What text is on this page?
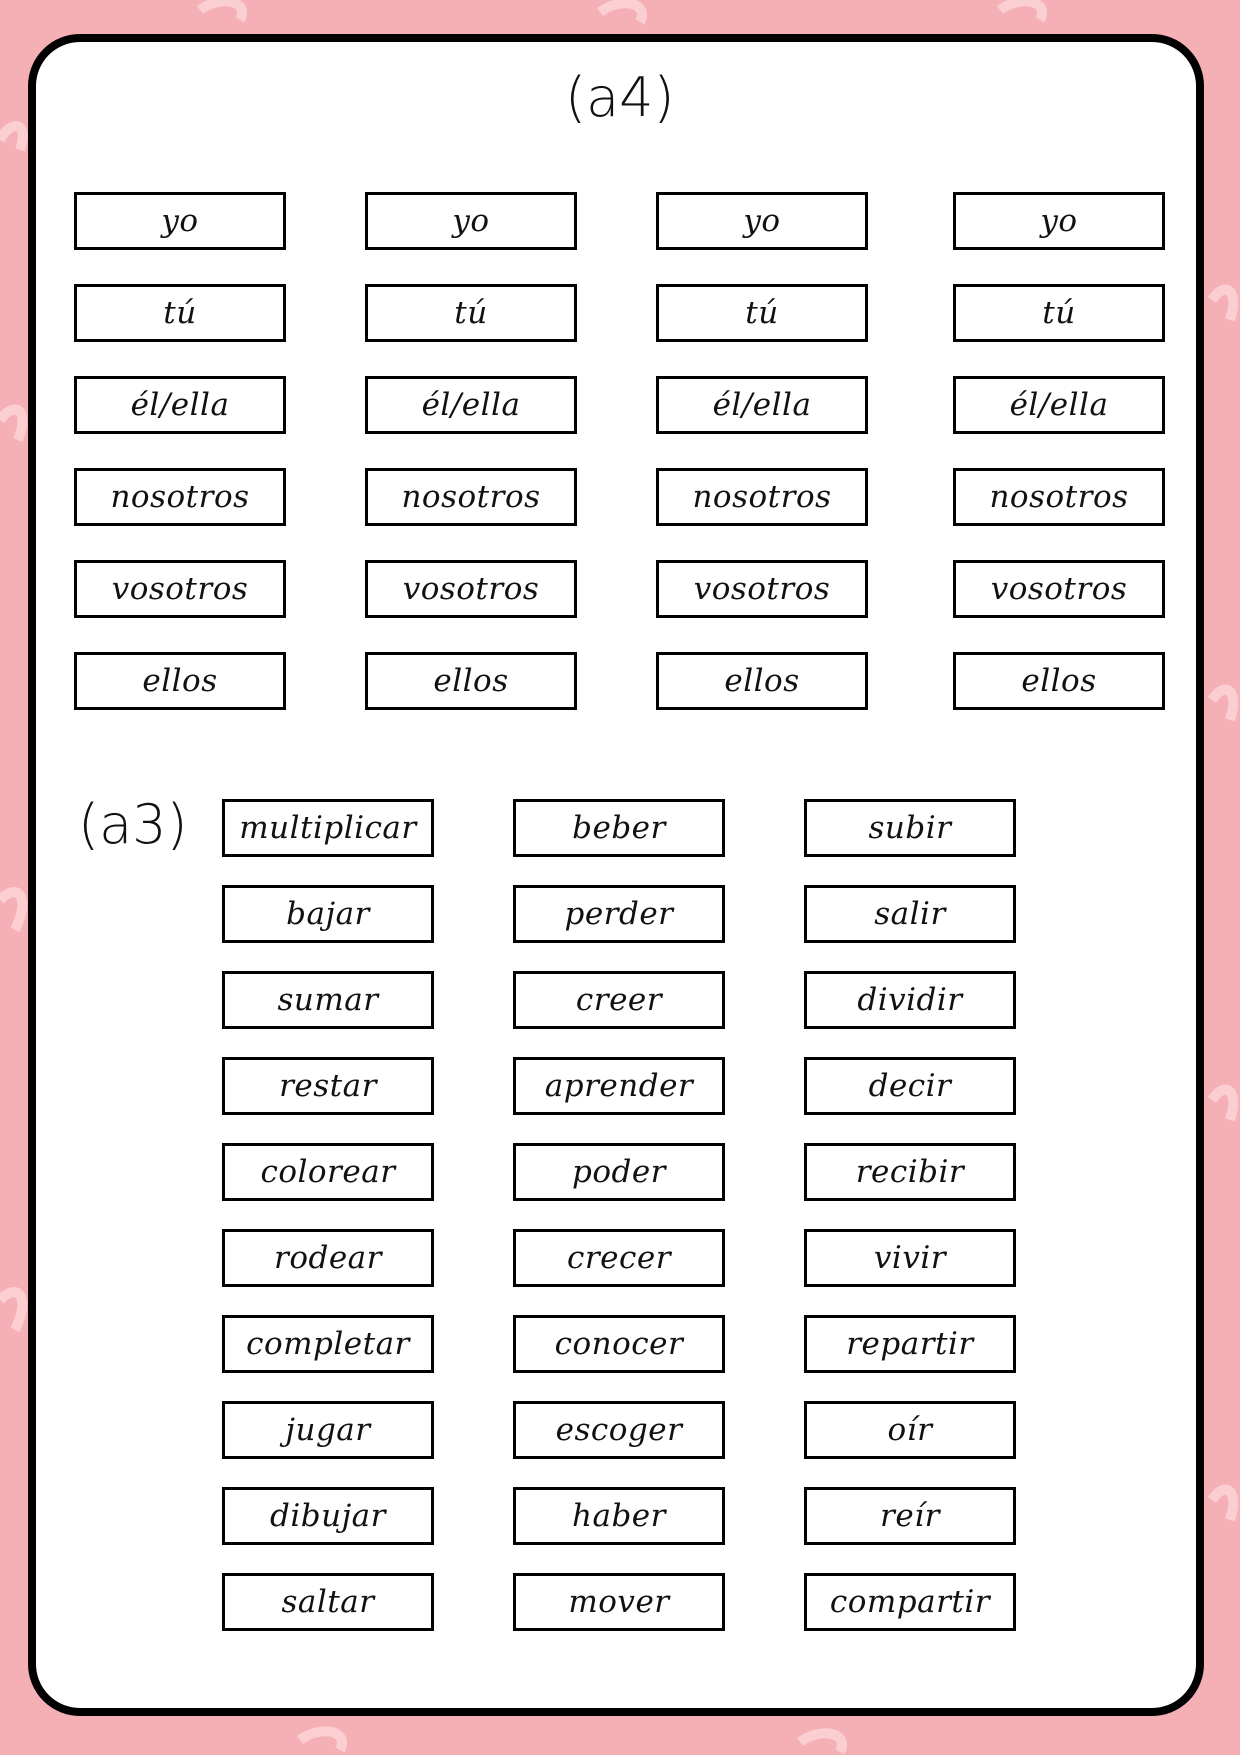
(a4)
(a3)
yo
tú
él/ella
nosotros
vosotros
ellos
yo
tú
él/ella
nosotros
vosotros
ellos
yo
tú
él/ella
nosotros
vosotros
ellos
yo
tú
él/ella
nosotros
vosotros
ellos
multiplicar
bajar
sumar
restar
colorear
rodear
completar
jugar
dibujar
saltar
beber
perder
creer
aprender
poder
crecer
conocer
escoger
haber
mover
subir
salir
dividir
decir
recibir
vivir
repartir
oír
reír
compartir
